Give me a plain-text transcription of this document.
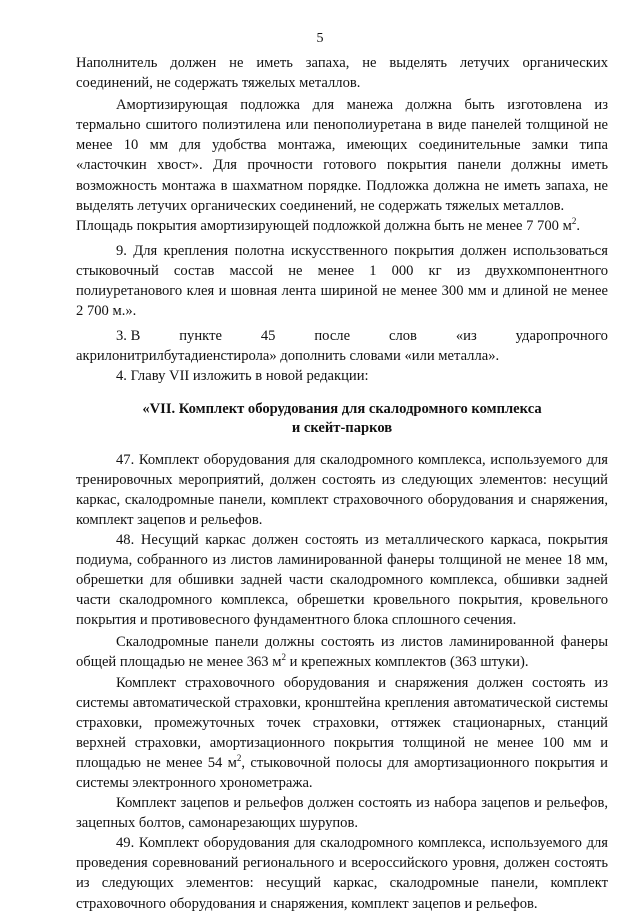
5

Наполнитель должен не иметь запаха, не выделять летучих органических соединений, не содержать тяжелых металлов.

Амортизирующая подложка для манежа должна быть изготовлена из термально сшитого полиэтилена или пенополиуретана в виде панелей толщиной не менее 10 мм для удобства монтажа, имеющих соединительные замки типа «ласточкин хвост». Для прочности готового покрытия панели должны иметь возможность монтажа в шахматном порядке. Подложка должна не иметь запаха, не выделять летучих органических соединений, не содержать тяжелых металлов.

Площадь покрытия амортизирующей подложкой должна быть не менее 7 700 $м^2$.

9. Для крепления полотна искусственного покрытия должен использоваться стыковочный состав массой не менее 1 000 кг из двухкомпонентного полиуретанового клея и шовная лента шириной не менее 300 мм и длиной не менее 2 700 м.».

3. В	пункте	45	после	слов	«из	ударопрочного

акрилонитрилбутадиенстирола» дополнить словами «или металла».

4. Главу VII изложить в новой редакции:

«VII. Комплект оборудования для скалодромного комплекса
и скейт-парков

47. Комплект оборудования для скалодромного комплекса, используемого для тренировочных мероприятий, должен состоять из следующих элементов: несущий каркас, скалодромные панели, комплект страховочного оборудования и снаряжения, комплект зацепов и рельефов.

48. Несущий каркас должен состоять из металлического каркаса, покрытия подиума, собранного из листов ламинированной фанеры толщиной не менее 18 мм, обрешетки для обшивки задней части скалодромного комплекса, обшивки задней части скалодромного комплекса, обрешетки кровельного покрытия, кровельного покрытия и противовесного фундаментного блока сплошного сечения.

Скалодромные панели должны состоять из листов ламинированной фанеры общей площадью не менее 363 $м^2$ и крепежных комплектов (363 штуки).

Комплект страховочного оборудования и снаряжения должен состоять из системы автоматической страховки, кронштейна крепления автоматической системы страховки, промежуточных точек страховки, оттяжек стационарных, станций верхней страховки, амортизационного покрытия толщиной не менее 100 мм и площадью не менее 54 $м^2$, стыковочной полосы для амортизационного покрытия и системы электронного хронометража.

Комплект зацепов и рельефов должен состоять из набора зацепов и рельефов, зацепных болтов, самонарезающих шурупов.

49. Комплект оборудования для скалодромного комплекса, используемого для проведения соревнований регионального и всероссийского уровня, должен состоять из следующих элементов: несущий каркас, скалодромные панели, комплект страховочного оборудования и снаряжения, комплект зацепов и рельефов.
